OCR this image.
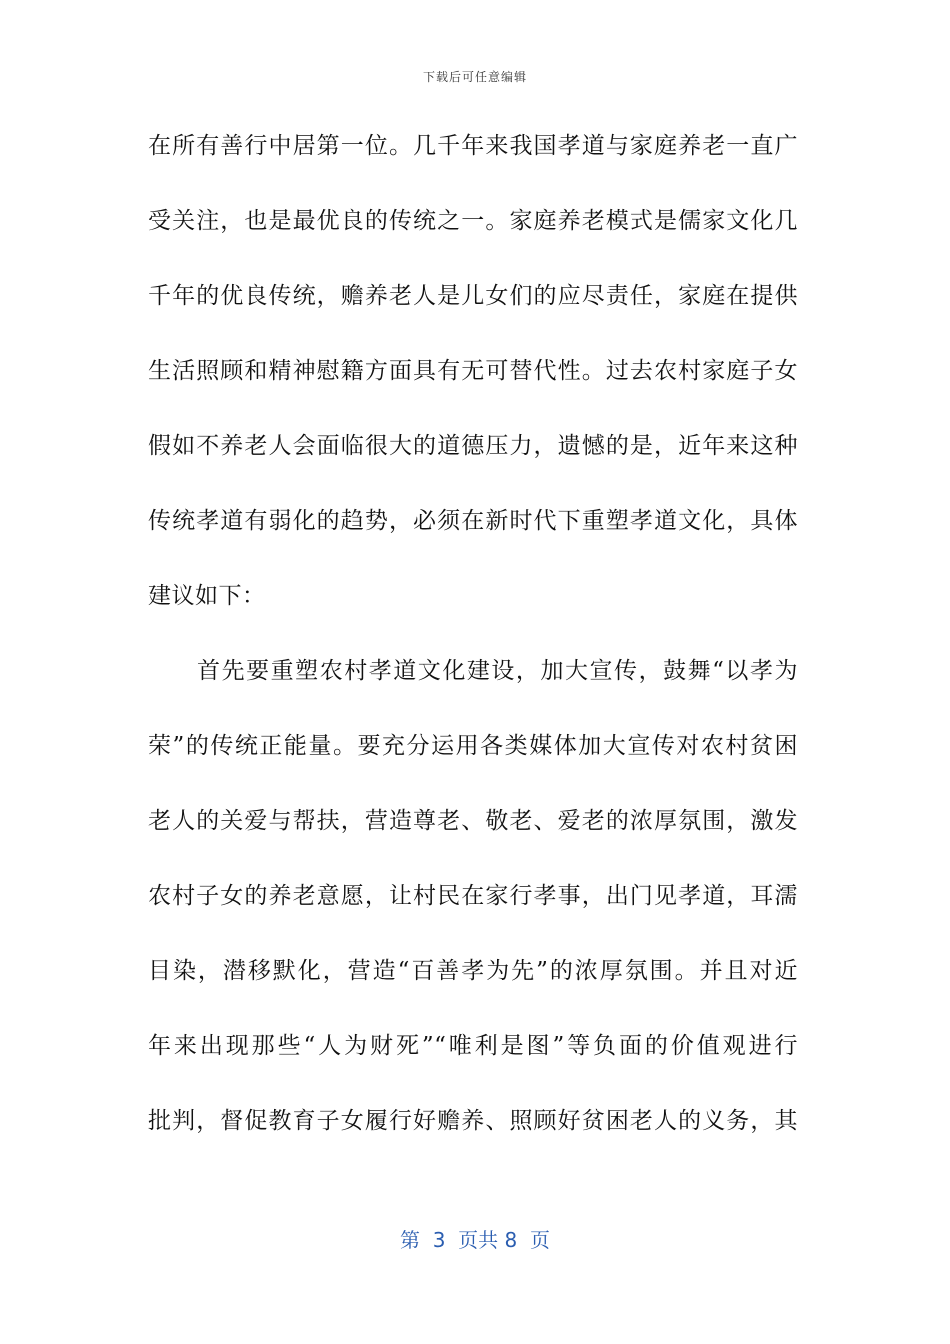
下载后可任意编辑
在所有善行中居第一位。几千年来我国孝道与家庭养老一直广
受关注，也是最优良的传统之一。家庭养老模式是儒家文化几
千年的优良传统，赡养老人是儿女们的应尽责任，家庭在提供
生活照顾和精神慰籍方面具有无可替代性。过去农村家庭子女
假如不养老人会面临很大的道德压力，遗憾的是，近年来这种
传统孝道有弱化的趋势，必须在新时代下重塑孝道文化，具体
建议如下：
　　首先要重塑农村孝道文化建设，加大宣传，鼓舞“以孝为
荣”的传统正能量。要充分运用各类媒体加大宣传对农村贫困
老人的关爱与帮扶，营造尊老、敬老、爱老的浓厚氛围，激发
农村子女的养老意愿，让村民在家行孝事，出门见孝道，耳濡
目染，潜移默化，营造“百善孝为先”的浓厚氛围。并且对近
年来出现那些“人为财死”“唯利是图”等负面的价值观进行
批判，督促教育子女履行好赡养、照顾好贫困老人的义务，其
第  3  页共 8  页
